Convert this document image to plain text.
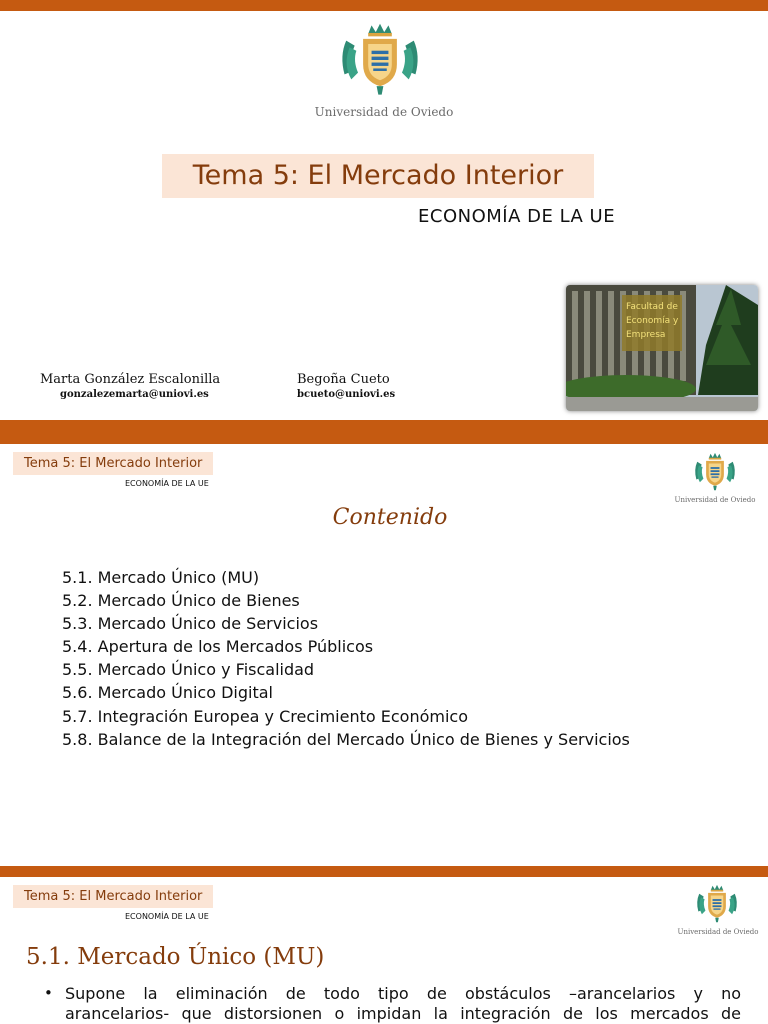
Universidad de Oviedo
Tema 5: El Mercado Interior
ECONOMÍA DE LA UE
Marta González Escalonilla
gonzalezemarta@uniovi.es
Begoña Cueto
bcueto@uniovi.es
Facultad de
Economía y
Empresa
Tema 5: El Mercado Interior
ECONOMÍA DE LA UE
Universidad de Oviedo
Contenido
5.1. Mercado Único (MU)
5.2. Mercado Único de Bienes
5.3. Mercado Único de Servicios
5.4. Apertura de los Mercados Públicos
5.5. Mercado Único y Fiscalidad
5.6. Mercado Único Digital
5.7. Integración Europea y Crecimiento Económico
5.8. Balance de la Integración del Mercado Único de Bienes y Servicios
Tema 5: El Mercado Interior
ECONOMÍA DE LA UE
Universidad de Oviedo
5.1. Mercado Único (MU)
• Supone la eliminación de todo tipo de obstáculos –arancelarios y no
arancelarios- que distorsionen o impidan la integración de los mercados de
